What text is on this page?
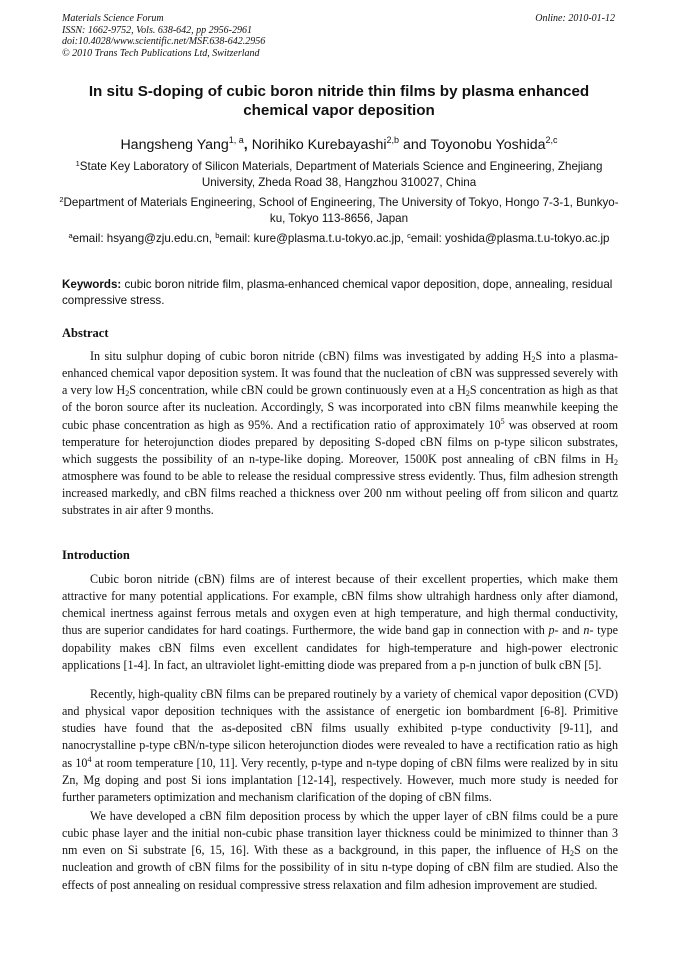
Materials Science Forum
ISSN: 1662-9752, Vols. 638-642, pp 2956-2961
doi:10.4028/www.scientific.net/MSF.638-642.2956
© 2010 Trans Tech Publications Ltd, Switzerland
Online: 2010-01-12
In situ S-doping of cubic boron nitride thin films by plasma enhanced chemical vapor deposition
Hangsheng Yang$^{1, a}$, Norihiko Kurebayashi$^{2,b}$ and Toyonobu Yoshida$^{2,c}$
$^1$State Key Laboratory of Silicon Materials, Department of Materials Science and Engineering, Zhejiang University, Zheda Road 38, Hangzhou 310027, China
$^2$Department of Materials Engineering, School of Engineering, The University of Tokyo, Hongo 7-3-1, Bunkyo-ku, Tokyo 113-8656, Japan
$^a$email: hsyang@zju.edu.cn, $^b$email: kure@plasma.t.u-tokyo.ac.jp, $^c$email: yoshida@plasma.t.u-tokyo.ac.jp
Keywords: cubic boron nitride film, plasma-enhanced chemical vapor deposition, dope, annealing, residual compressive stress.
Abstract

In situ sulphur doping of cubic boron nitride (cBN) films was investigated by adding $H_2S$ into a plasma-enhanced chemical vapor deposition system. It was found that the nucleation of cBN was suppressed severely with a very low $H_2S$ concentration, while cBN could be grown continuously even at a $H_2S$ concentration as high as that of the boron source after its nucleation. Accordingly, S was incorporated into cBN films meanwhile keeping the cubic phase concentration as high as 95%. And a rectification ratio of approximately $10^5$ was observed at room temperature for heterojunction diodes prepared by depositing S-doped cBN films on p-type silicon substrates, which suggests the possibility of an n-type-like doping. Moreover, 1500K post annealing of cBN films in $H_2$ atmosphere was found to be able to release the residual compressive stress evidently. Thus, film adhesion strength increased markedly, and cBN films reached a thickness over 200 nm without peeling off from silicon and quartz substrates in air after 9 months.

Introduction

Cubic boron nitride (cBN) films are of interest because of their excellent properties, which make them attractive for many potential applications. For example, cBN films show ultrahigh hardness only after diamond, chemical inertness against ferrous metals and oxygen even at high temperature, and high thermal conductivity, thus are superior candidates for hard coatings. Furthermore, the wide band gap in connection with p- and n- type dopability makes cBN films even excellent candidates for high-temperature and high-power electronic applications [1-4]. In fact, an ultraviolet light-emitting diode was prepared from a p-n junction of bulk cBN [5].

Recently, high-quality cBN films can be prepared routinely by a variety of chemical vapor deposition (CVD) and physical vapor deposition techniques with the assistance of energetic ion bombardment [6-8]. Primitive studies have found that the as-deposited cBN films usually exhibited p-type conductivity [9-11], and nanocrystalline p-type cBN/n-type silicon heterojunction diodes were revealed to have a rectification ratio as high as $10^4$ at room temperature [10, 11]. Very recently, p-type and n-type doping of cBN films were realized by in situ Zn, Mg doping and post Si ions implantation [12-14], respectively. However, much more study is needed for further parameters optimization and mechanism clarification of the doping of cBN films.

We have developed a cBN film deposition process by which the upper layer of cBN films could be a pure cubic phase layer and the initial non-cubic phase transition layer thickness could be minimized to thinner than 3 nm even on Si substrate [6, 15, 16]. With these as a background, in this paper, the influence of $H_2S$ on the nucleation and growth of cBN films for the possibility of in situ n-type doping of cBN film are studied. Also the effects of post annealing on residual compressive stress relaxation and film adhesion improvement are studied.
